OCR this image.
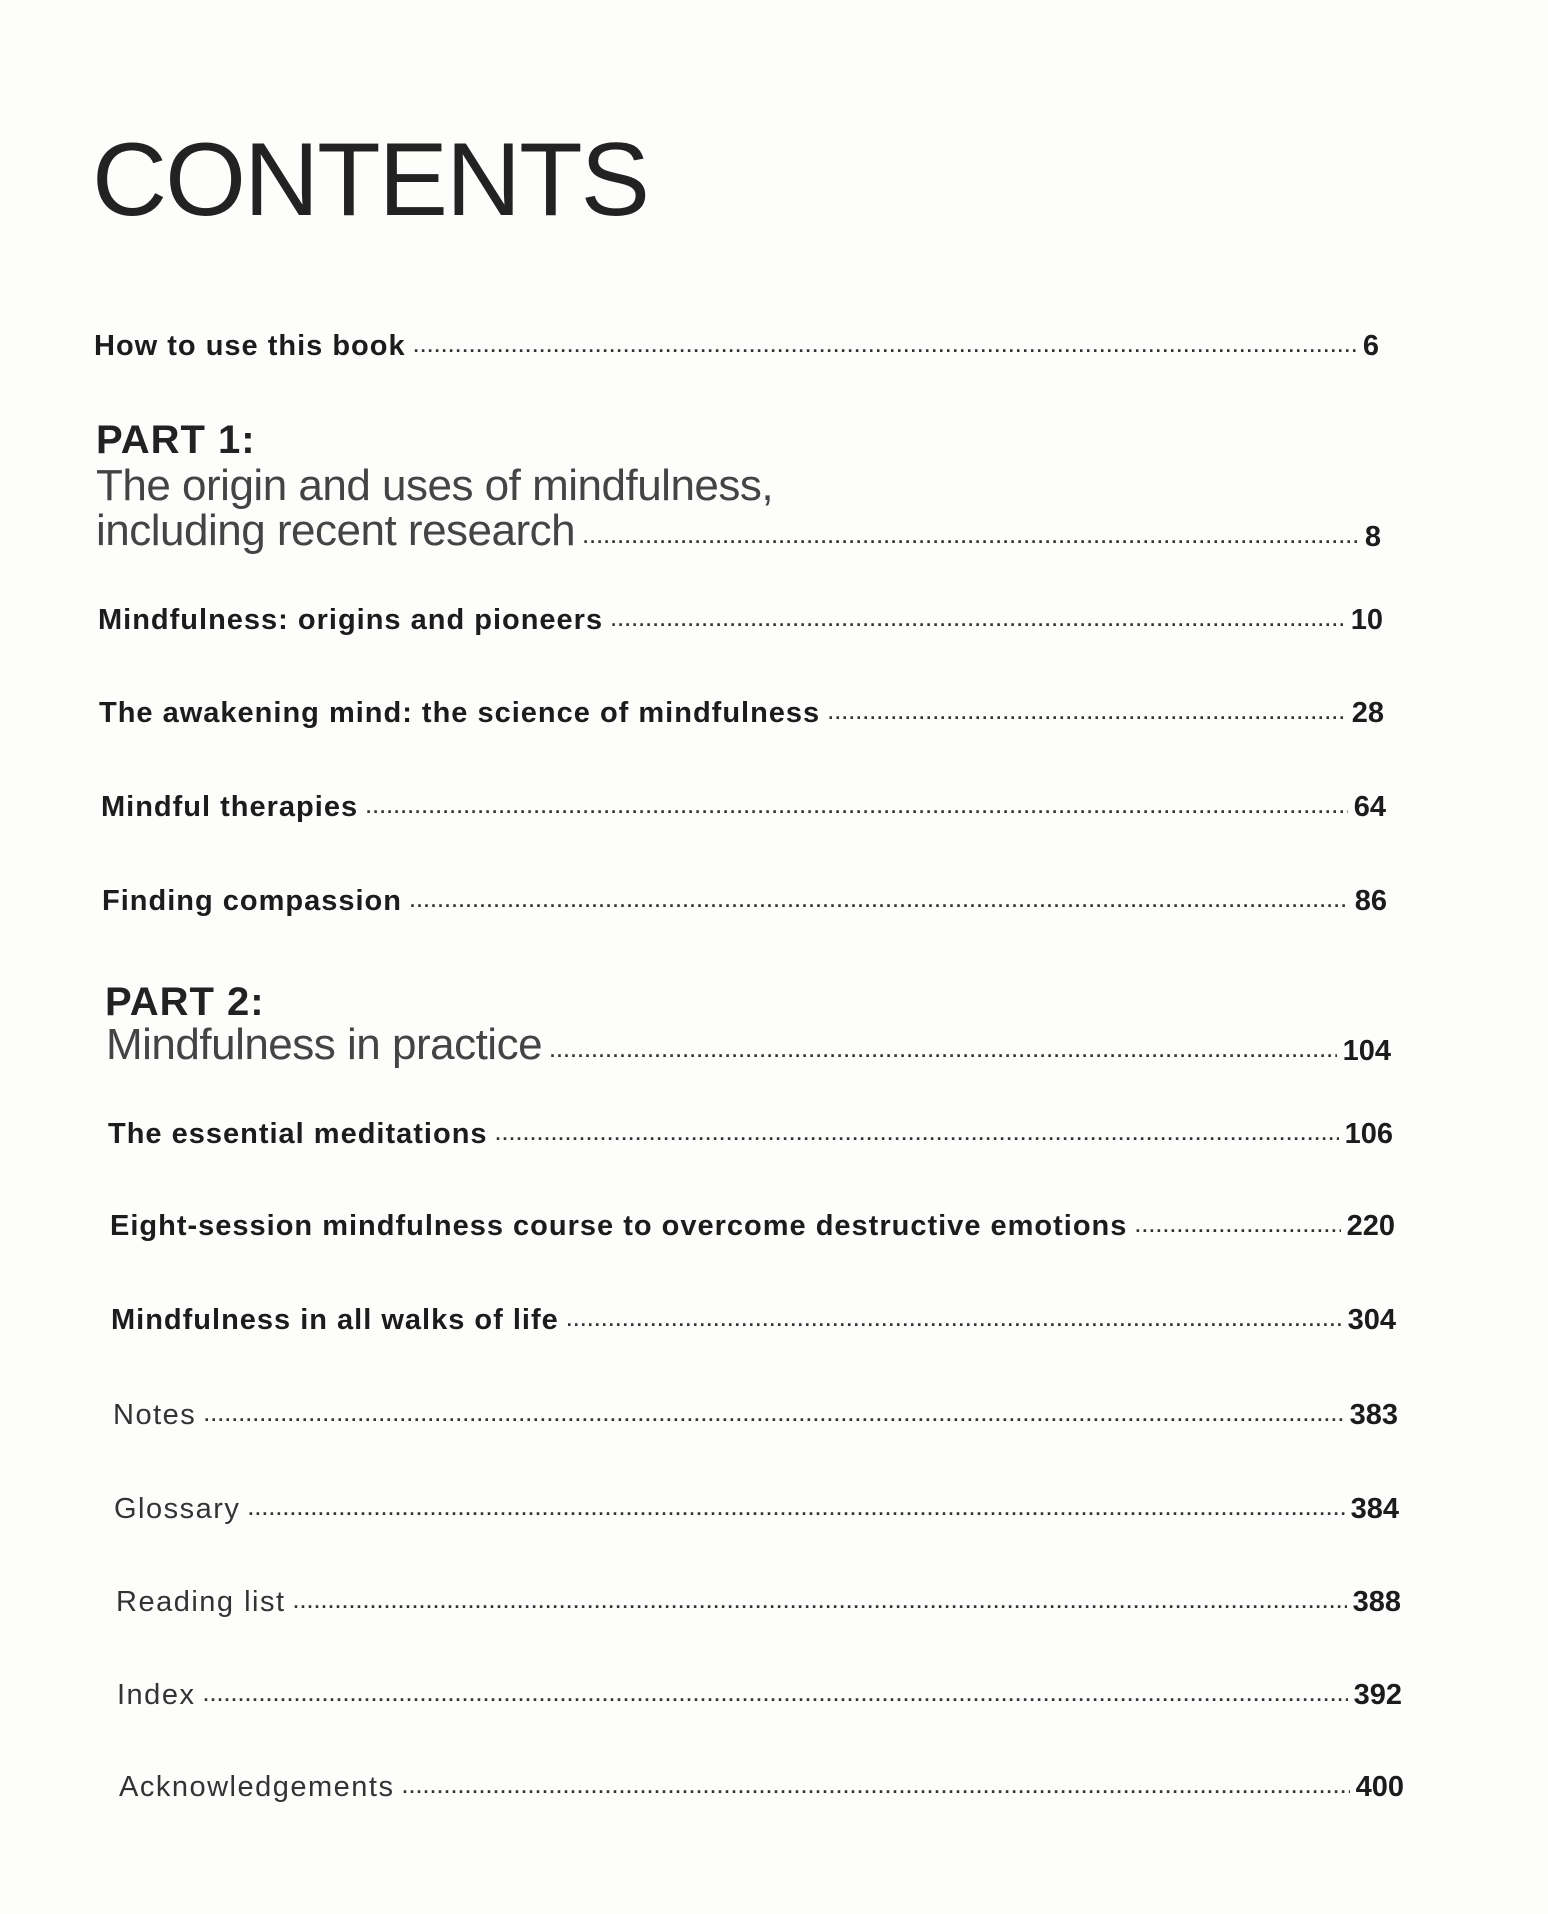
CONTENTS
How to use this book .....	6
PART 1:
The origin and uses of mindfulness,
including recent research .....	8
Mindfulness: origins and pioneers .....	10
The awakening mind: the science of mindfulness .....	28
Mindful therapies .....	64
Finding compassion .....	86
PART 2:
Mindfulness in practice .....	104
The essential meditations .....	106
Eight-session mindfulness course to overcome destructive emotions .....	220
Mindfulness in all walks of life .....	304
Notes .....	383
Glossary .....	384
Reading list .....	388
Index .....	392
Acknowledgements .....	400
